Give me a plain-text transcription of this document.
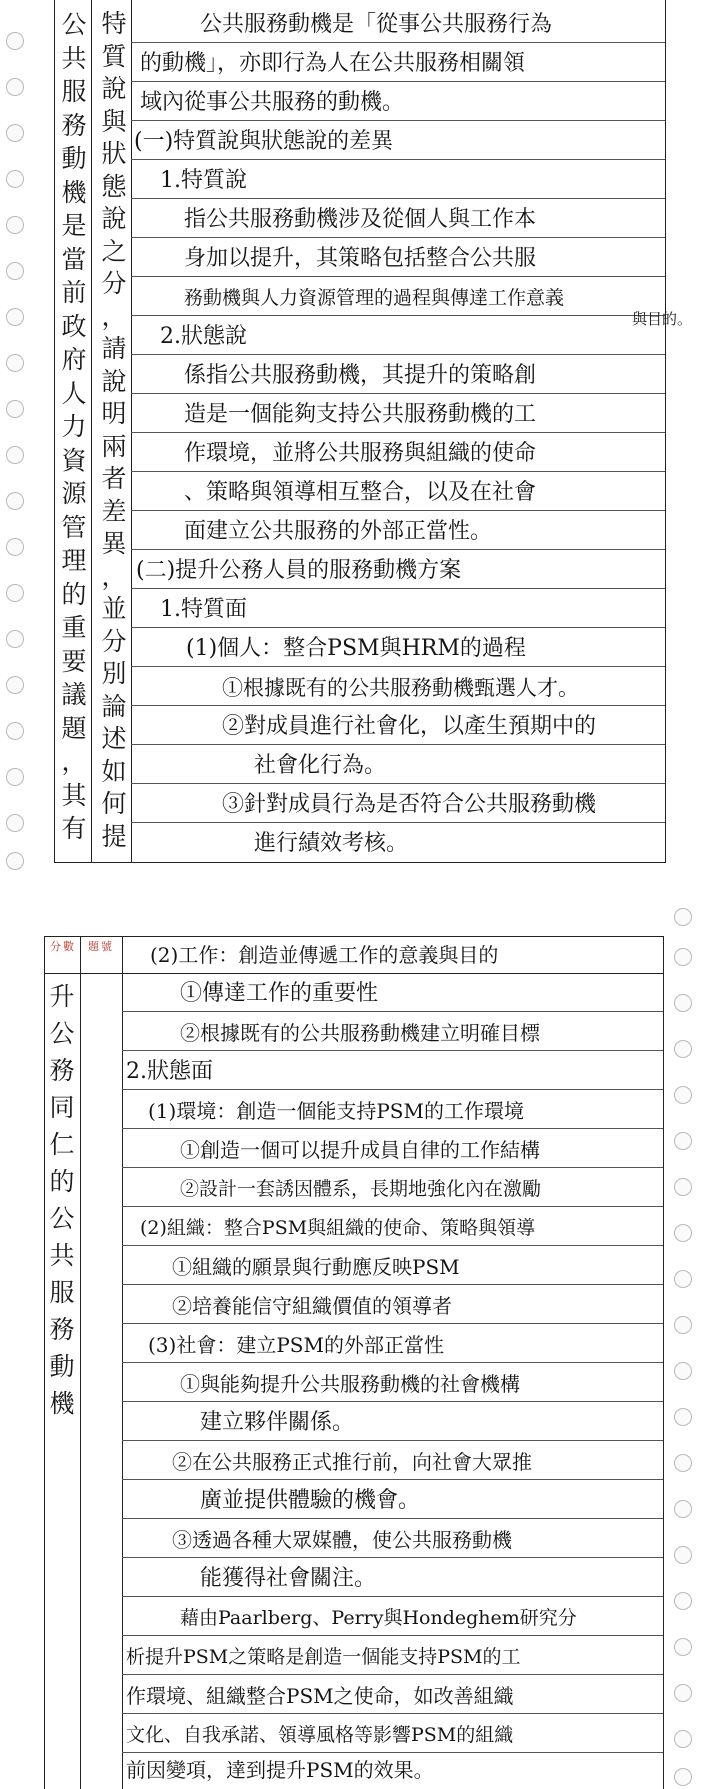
公
共
服
務
動
機
是
當
前
政
府
人
力
資
源
管
理
的
重
要
議
題
，
其
有
特
質
說
與
狀
態
說
之
分
，
請
說
明
兩
者
差
異
，
並
分
別
論
述
如
何
提
公共服務動機是「從事公共服務行為
的動機」，亦即行為人在公共服務相關領
域內從事公共服務的動機。
(一)特質說與狀態說的差異
1.特質說
指公共服務動機涉及從個人與工作本
身加以提升，其策略包括整合公共服
務動機與人力資源管理的過程與傳達工作意義
與目的。
2.狀態說
係指公共服務動機，其提升的策略創
造是一個能夠支持公共服務動機的工
作環境，並將公共服務與組織的使命
、策略與領導相互整合，以及在社會
面建立公共服務的外部正當性。
(二)提升公務人員的服務動機方案
1.特質面
(1)個人：整合PSM與HRM的過程
①根據既有的公共服務動機甄選人才。
②對成員進行社會化，以產生預期中的
社會化行為。
③針對成員行為是否符合公共服務動機
進行績效考核。
分數 題號
升
公
務
同
仁
的
公
共
服
務
動
機
(2)工作：創造並傳遞工作的意義與目的
①傳達工作的重要性
②根據既有的公共服務動機建立明確目標
2.狀態面
(1)環境：創造一個能支持PSM的工作環境
①創造一個可以提升成員自律的工作結構
②設計一套誘因體系，長期地強化內在激勵
(2)組織：整合PSM與組織的使命、策略與領導
①組織的願景與行動應反映PSM
②培養能信守組織價值的領導者
(3)社會：建立PSM的外部正當性
①與能夠提升公共服務動機的社會機構
建立夥伴關係。
②在公共服務正式推行前，向社會大眾推
廣並提供體驗的機會。
③透過各種大眾媒體，使公共服務動機
能獲得社會關注。
藉由Paarlberg、Perry與Hondeghem研究分
析提升PSM之策略是創造一個能支持PSM的工
作環境、組織整合PSM之使命，如改善組織
文化、自我承諾、領導風格等影響PSM的組織
前因變項，達到提升PSM的效果。
